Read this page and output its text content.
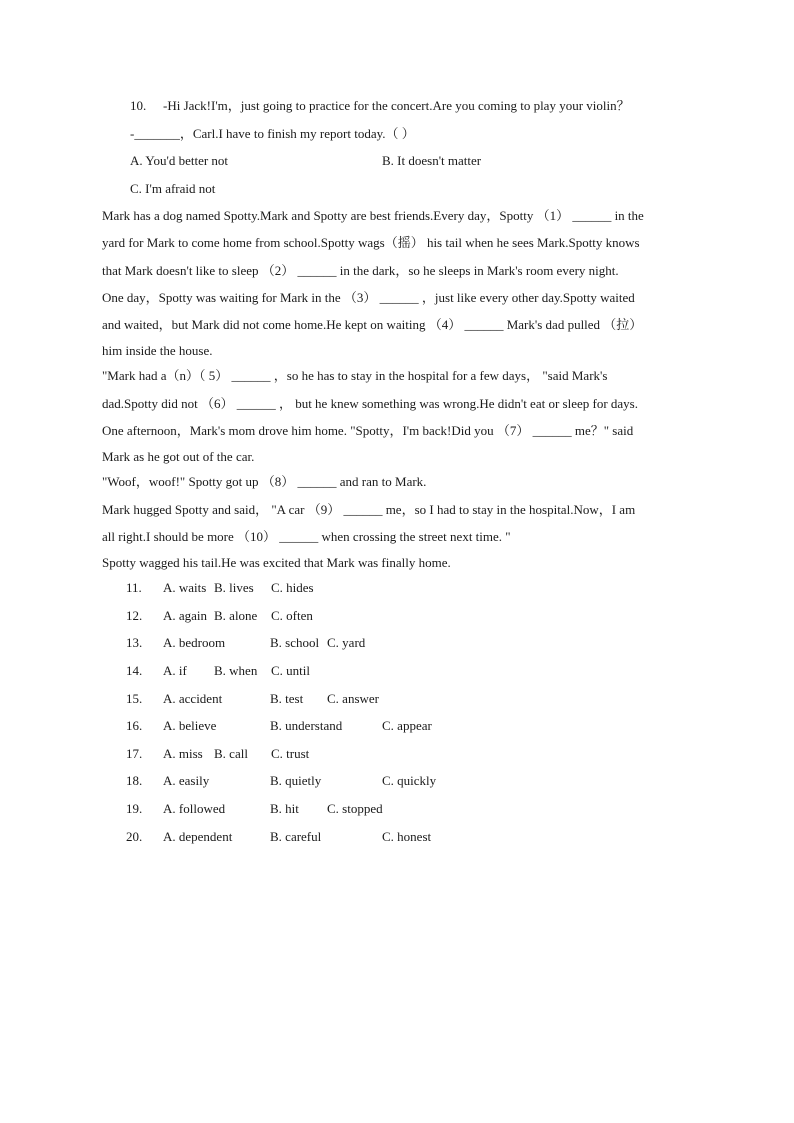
10. -Hi Jack!I'm，just going to practice for the concert.Are you coming to play your violin？
-_______，Carl.I have to finish my report today.（ ）
A. You'd better not	B. It doesn't matter
C. I'm afraid not
Mark has a dog named Spotty.Mark and Spotty are best friends.Every day，Spotty （1） ______ in the
yard for Mark to come home from school.Spotty wags（摇） his tail when he sees Mark.Spotty knows
that Mark doesn't like to sleep （2） ______ in the dark，so he sleeps in Mark's room every night.
One day，Spotty was waiting for Mark in the （3） ______ ，just like every other day.Spotty waited
and waited，but Mark did not come home.He kept on waiting （4） ______ Mark's dad pulled （拉）
him inside the house.
"Mark had a（n）（ 5） ______ ，so he has to stay in the hospital for a few days， "said Mark's
dad.Spotty did not （6） ______ ， but he knew something was wrong.He didn't eat or sleep for days.
One afternoon，Mark's mom drove him home. "Spotty，I'm back!Did you （7） ______ me？" said
Mark as he got out of the car.
"Woof，woof!" Spotty got up （8） ______ and ran to Mark.
Mark hugged Spotty and said， "A car （9） ______ me，so I had to stay in the hospital.Now，I am
all right.I should be more （10） ______ when crossing the street next time. "
Spotty wagged his tail.He was excited that Mark was finally home.
11. A. waits B. lives C. hides
12. A. again B. alone C. often
13. A. bedroom	B. school C. yard
14. A. if B. when C. until
15. A. accident	B. test C. answer
16. A. believe	B. understand	C. appear
17. A. miss B. call C. trust
18. A. easily	B. quietly	C. quickly
19. A. followed	B. hit C. stopped
20. A. dependent	B. careful	C. honest
